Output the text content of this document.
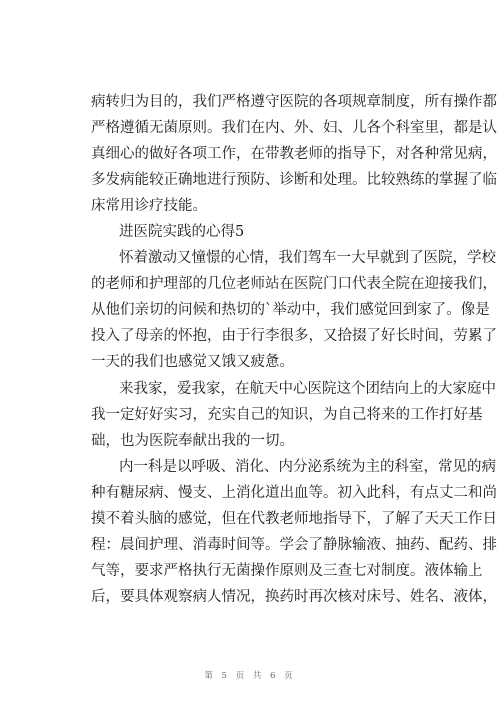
病转归为目的，我们严格遵守医院的各项规章制度，所有操作都
严格遵循无菌原则。我们在内、外、妇、儿各个科室里，都是认
真细心的做好各项工作，在带教老师的指导下，对各种常见病，
多发病能较正确地进行预防、诊断和处理。比较熟练的掌握了临
床常用诊疗技能。
进医院实践的心得5
怀着激动又憧憬的心情，我们驾车一大早就到了医院，学校
的老师和护理部的几位老师站在医院门口代表全院在迎接我们，
从他们亲切的问候和热切的`举动中，我们感觉回到家了。像是
投入了母亲的怀抱，由于行李很多，又拾掇了好长时间，劳累了
一天的我们也感觉又饿又疲惫。
来我家，爱我家，在航天中心医院这个团结向上的大家庭中
我一定好好实习，充实自己的知识，为自己将来的工作打好基
础，也为医院奉献出我的一切。
内一科是以呼吸、消化、内分泌系统为主的科室，常见的病
种有糖尿病、慢支、上消化道出血等。初入此科，有点丈二和尚
摸不着头脑的感觉，但在代教老师地指导下，了解了天天工作日
程：晨间护理、消毒时间等。学会了静脉输液、抽药、配药、排
气等，要求严格执行无菌操作原则及三查七对制度。液体输上
后，要具体观察病人情况，换药时再次核对床号、姓名、液体，
第 5 页 共 6 页
